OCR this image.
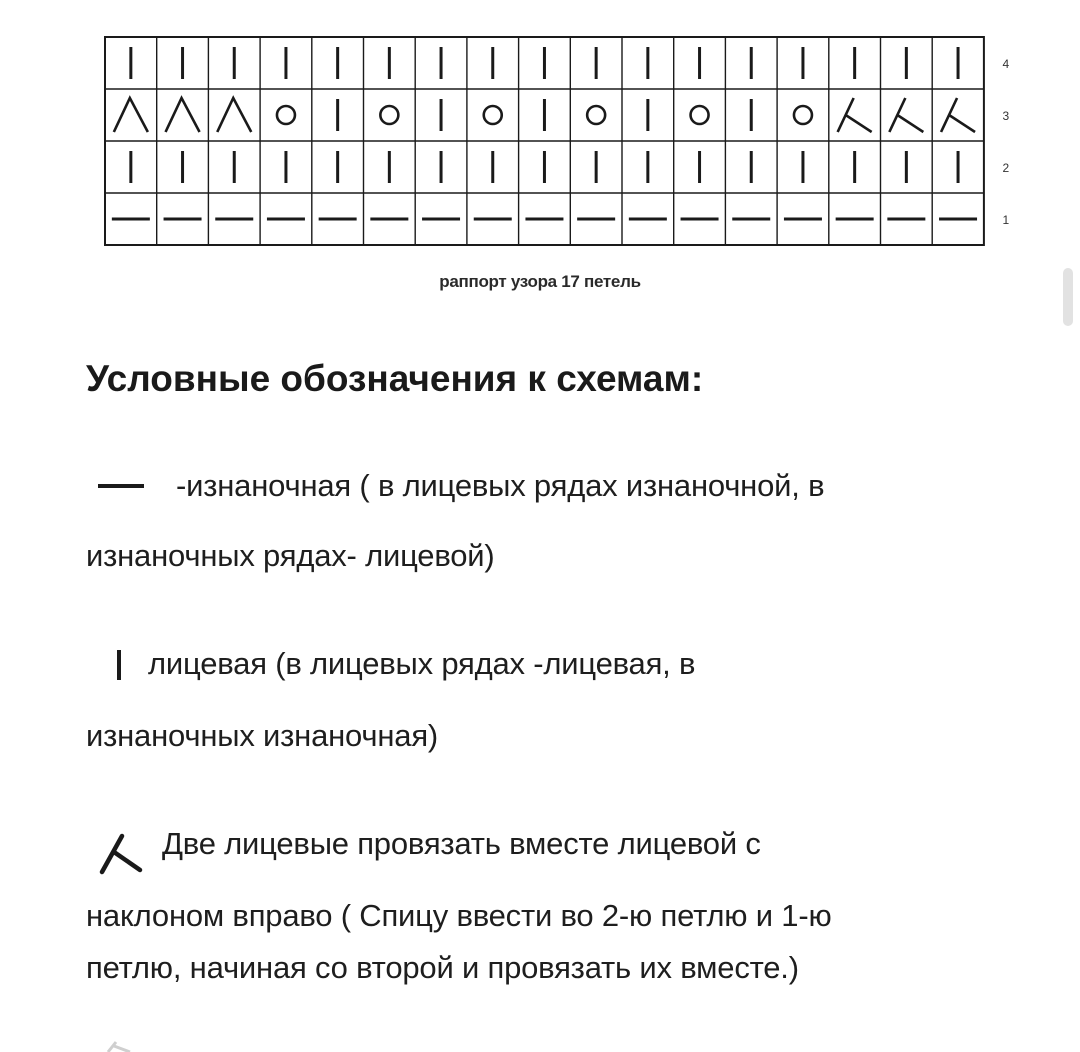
4
3
2
1
раппорт узора 17 петель
Условные обозначения к схемам:
-изнаночная ( в лицевых рядах изнаночной, в
изнаночных рядах- лицевой)
лицевая (в лицевых рядах -лицевая, в
изнаночных изнаночная)
Две лицевые провязать вместе лицевой с
наклоном вправо ( Спицу ввести во 2-ю петлю и 1-ю
петлю, начиная со второй и провязать их вместе.)
